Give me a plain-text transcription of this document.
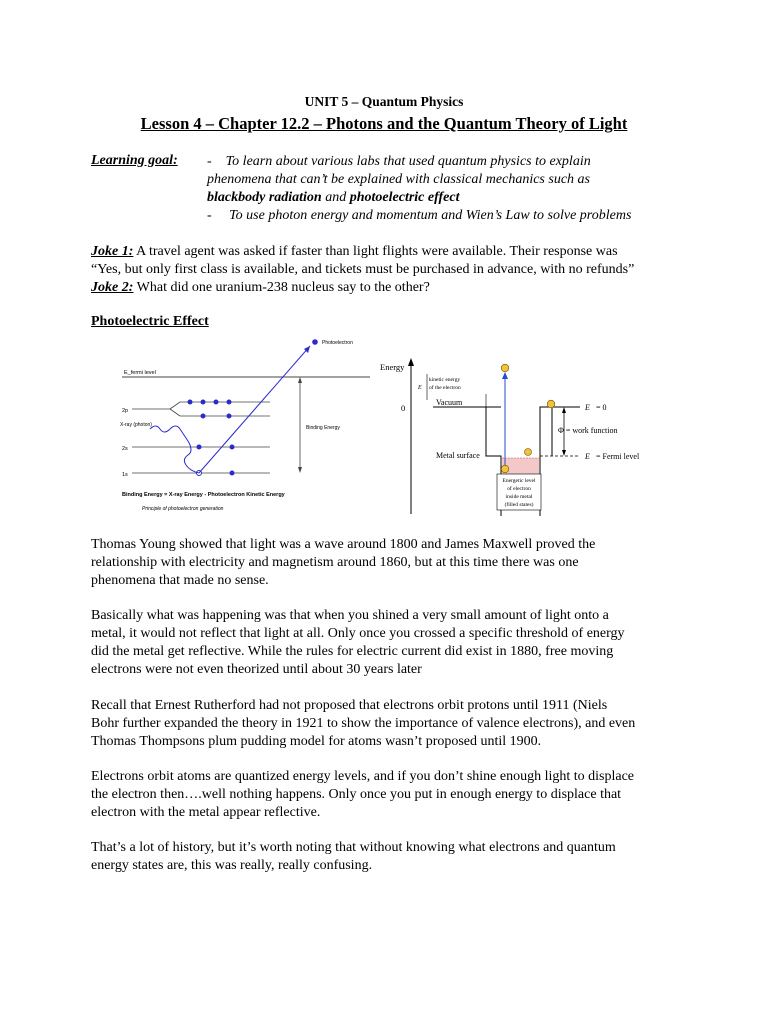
UNIT 5 – Quantum Physics
Lesson 4 – Chapter 12.2 – Photons and the Quantum Theory of Light
Learning goal: - To learn about various labs that used quantum physics to explain
phenomena that can’t be explained with classical mechanics such as
blackbody radiation and photoelectric effect
- To use photon energy and momentum and Wien’s Law to solve problems
Joke 1: A travel agent was asked if faster than light flights were available. Their response was
“Yes, but only first class is available, and tickets must be purchased in advance, with no refunds”
Joke 2: What did one uranium-238 nucleus say to the other?
Photoelectric Effect
E_fermi level
2p
X-ray (photon)
2s
1s
Photoelectron
Binding Energy
Binding Energy = X-ray Energy - Photoelectron Kinetic Energy
Principle of photoelectron generation
Energy
0
Vacuum
E
kinetic energy
of the electron
Φ = work function
E = 0
E = Fermi level
Metal surface
Energetic level
of electron
inside metal
(filled states)
Thomas Young showed that light was a wave around 1800 and James Maxwell proved the
relationship with electricity and magnetism around 1860, but at this time there was one
phenomena that made no sense.
Basically what was happening was that when you shined a very small amount of light onto a
metal, it would not reflect that light at all. Only once you crossed a specific threshold of energy
did the metal get reflective. While the rules for electric current did exist in 1880, free moving
electrons were not even theorized until about 30 years later
Recall that Ernest Rutherford had not proposed that electrons orbit protons until 1911 (Niels
Bohr further expanded the theory in 1921 to show the importance of valence electrons), and even
Thomas Thompsons plum pudding model for atoms wasn’t proposed until 1900.
Electrons orbit atoms are quantized energy levels, and if you don’t shine enough light to displace
the electron then….well nothing happens. Only once you put in enough energy to displace that
electron with the metal appear reflective.
That’s a lot of history, but it’s worth noting that without knowing what electrons and quantum
energy states are, this was really, really confusing.
